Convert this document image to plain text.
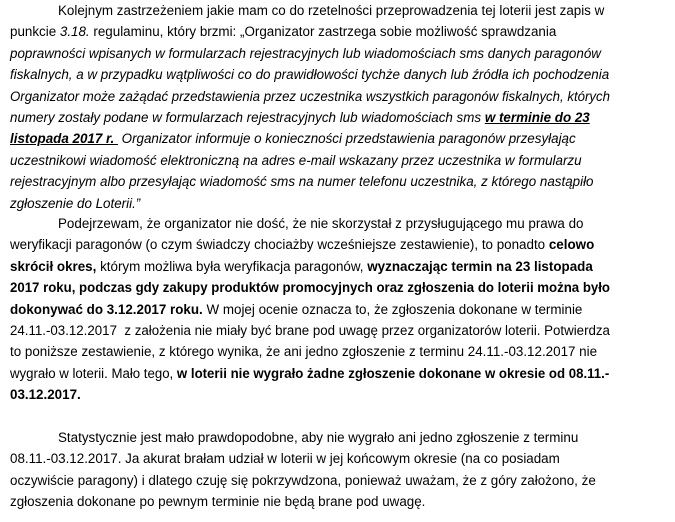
Kolejnym zastrzeżeniem jakie mam co do rzetelności przeprowadzenia tej loterii jest zapis w
punkcie 3.18. regulaminu, który brzmi: „Organizator zastrzega sobie możliwość sprawdzania
poprawności wpisanych w formularzach rejestracyjnych lub wiadomościach sms danych paragonów
fiskalnych, a w przypadku wątpliwości co do prawidłowości tychże danych lub źródła ich pochodzenia
Organizator może zażądać przedstawienia przez uczestnika wszystkich paragonów fiskalnych, których
numery zostały podane w formularzach rejestracyjnych lub wiadomościach sms w terminie do 23
listopada 2017 r.  Organizator informuje o konieczności przedstawienia paragonów przesyłając
uczestnikowi wiadomość elektroniczną na adres e-mail wskazany przez uczestnika w formularzu
rejestracyjnym albo przesyłając wiadomość sms na numer telefonu uczestnika, z którego nastąpiło
zgłoszenie do Loterii.”
Podejrzewam, że organizator nie dość, że nie skorzystał z przysługującego mu prawa do
weryfikacji paragonów (o czym świadczy chociażby wcześniejsze zestawienie), to ponadto celowo
skrócił okres, którym możliwa była weryfikacja paragonów, wyznaczając termin na 23 listopada
2017 roku, podczas gdy zakupy produktów promocyjnych oraz zgłoszenia do loterii można było
dokonywać do 3.12.2017 roku. W mojej ocenie oznacza to, że zgłoszenia dokonane w terminie
24.11.-03.12.2017  z założenia nie miały być brane pod uwagę przez organizatorów loterii. Potwierdza
to poniższe zestawienie, z którego wynika, że ani jedno zgłoszenie z terminu 24.11.-03.12.2017 nie
wygrało w loterii. Mało tego, w loterii nie wygrało żadne zgłoszenie dokonane w okresie od 08.11.-
03.12.2017.
Statystycznie jest mało prawdopodobne, aby nie wygrało ani jedno zgłoszenie z terminu
08.11.-03.12.2017. Ja akurat brałam udział w loterii w jej końcowym okresie (na co posiadam
oczywiście paragony) i dlatego czuję się pokrzywdzona, ponieważ uważam, że z góry założono, że
zgłoszenia dokonane po pewnym terminie nie będą brane pod uwagę.
